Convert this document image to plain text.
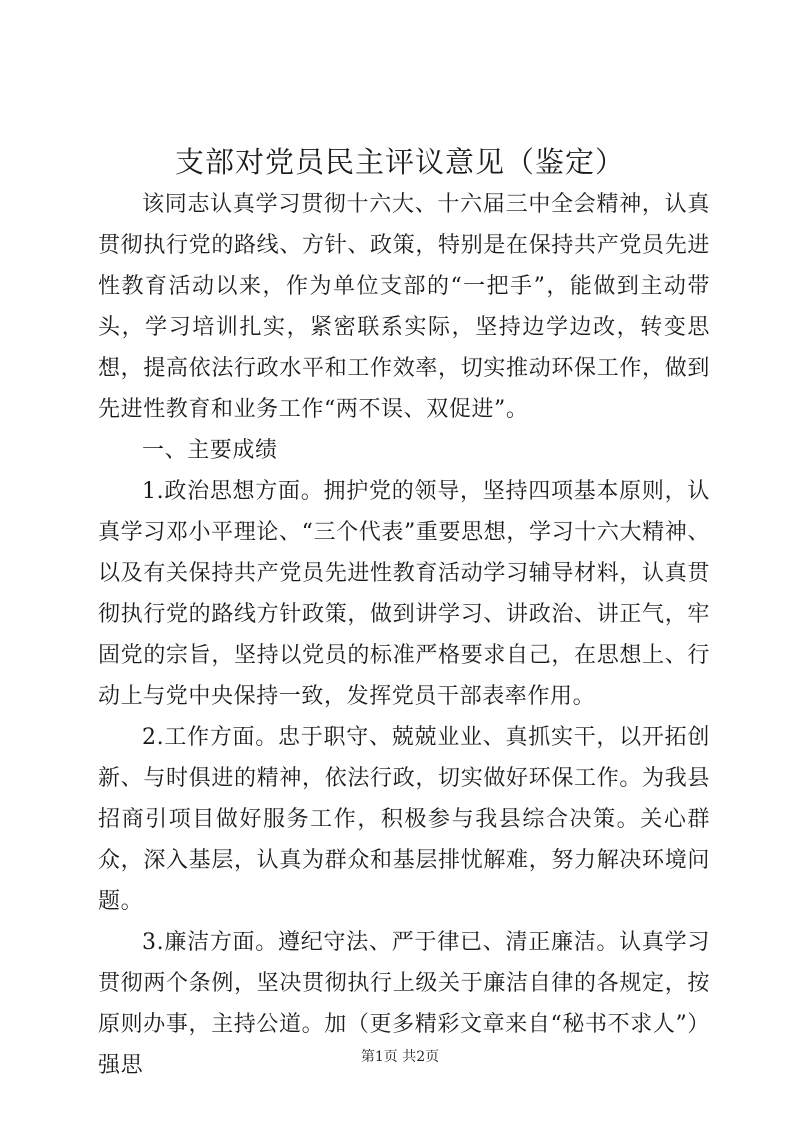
支部对党员民主评议意见（鉴定）

该同志认真学习贯彻十六大、十六届三中全会精神，认真贯彻执行党的路线、方针、政策，特别是在保持共产党员先进性教育活动以来，作为单位支部的“一把手”，能做到主动带头，学习培训扎实，紧密联系实际，坚持边学边改，转变思想，提高依法行政水平和工作效率，切实推动环保工作，做到先进性教育和业务工作“两不误、双促进”。

一、主要成绩

1.政治思想方面。拥护党的领导，坚持四项基本原则，认真学习邓小平理论、“三个代表”重要思想，学习十六大精神、以及有关保持共产党员先进性教育活动学习辅导材料，认真贯彻执行党的路线方针政策，做到讲学习、讲政治、讲正气，牢固党的宗旨，坚持以党员的标准严格要求自己，在思想上、行动上与党中央保持一致，发挥党员干部表率作用。

2.工作方面。忠于职守、兢兢业业、真抓实干，以开拓创新、与时俱进的精神，依法行政，切实做好环保工作。为我县招商引项目做好服务工作，积极参与我县综合决策。关心群众，深入基层，认真为群众和基层排忧解难，努力解决环境问题。

3.廉洁方面。遵纪守法、严于律已、清正廉洁。认真学习贯彻两个条例，坚决贯彻执行上级关于廉洁自律的各规定，按原则办事，主持公道。加（更多精彩文章来自“秘书不求人”）强思	第1页 共2页
